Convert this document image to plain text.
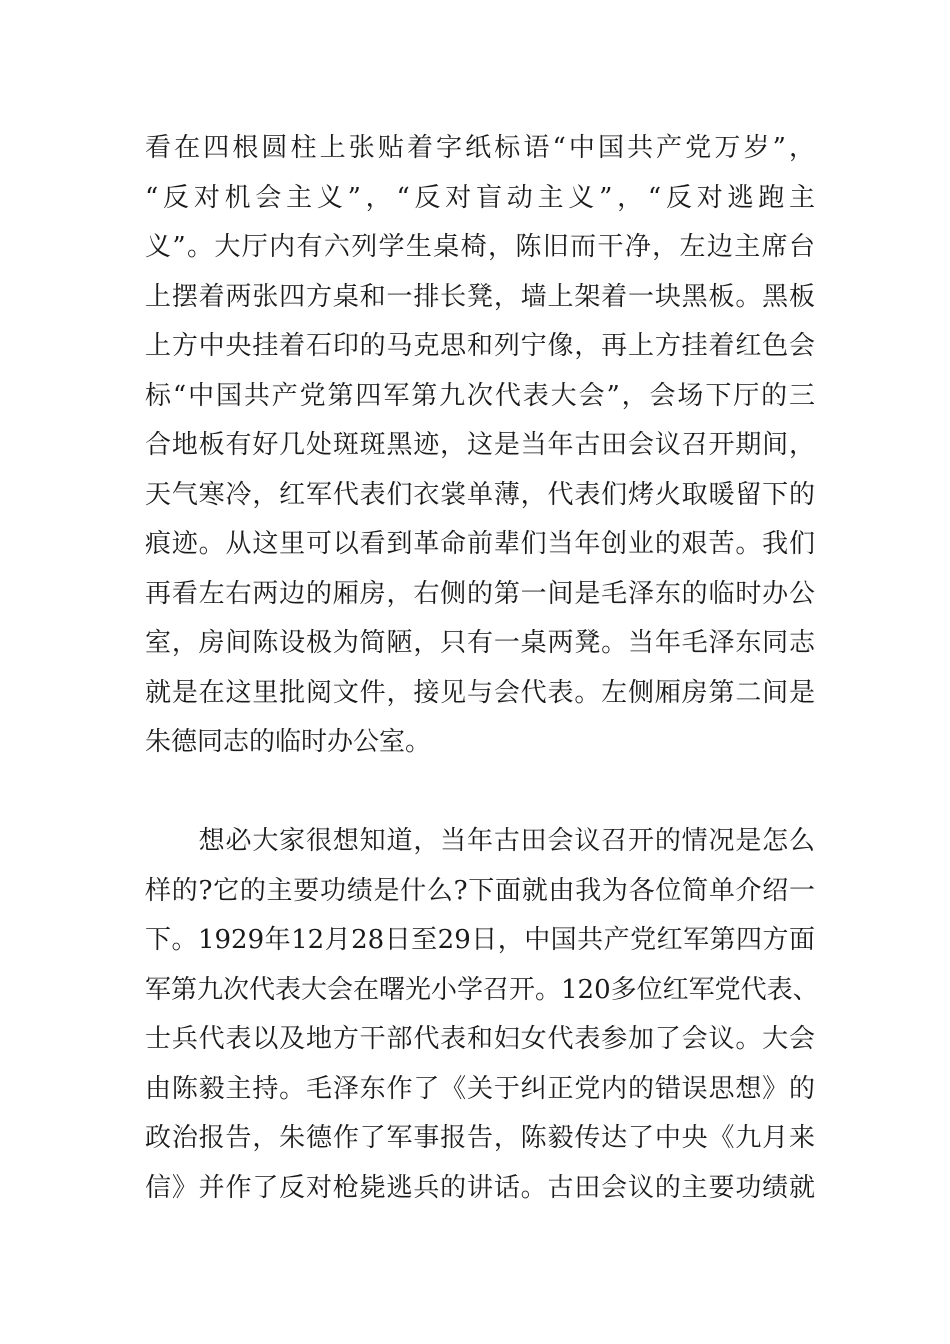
看在四根圆柱上张贴着字纸标语“中国共产党万岁”，
“反对机会主义”，“反对盲动主义”，“反对逃跑主
义”。大厅内有六列学生桌椅，陈旧而干净，左边主席台
上摆着两张四方桌和一排长凳，墙上架着一块黑板。黑板
上方中央挂着石印的马克思和列宁像，再上方挂着红色会
标“中国共产党第四军第九次代表大会”，会场下厅的三
合地板有好几处斑斑黑迹，这是当年古田会议召开期间，
天气寒冷，红军代表们衣裳单薄，代表们烤火取暖留下的
痕迹。从这里可以看到革命前辈们当年创业的艰苦。我们
再看左右两边的厢房，右侧的第一间是毛泽东的临时办公
室，房间陈设极为简陋，只有一桌两凳。当年毛泽东同志
就是在这里批阅文件，接见与会代表。左侧厢房第二间是
朱德同志的临时办公室。
　　想必大家很想知道，当年古田会议召开的情况是怎么
样的?它的主要功绩是什么?下面就由我为各位简单介绍一
下。1929年12月28日至29日，中国共产党红军第四方面
军第九次代表大会在曙光小学召开。120多位红军党代表、
士兵代表以及地方干部代表和妇女代表参加了会议。大会
由陈毅主持。毛泽东作了《关于纠正党内的错误思想》的
政治报告，朱德作了军事报告，陈毅传达了中央《九月来
信》并作了反对枪毙逃兵的讲话。古田会议的主要功绩就
